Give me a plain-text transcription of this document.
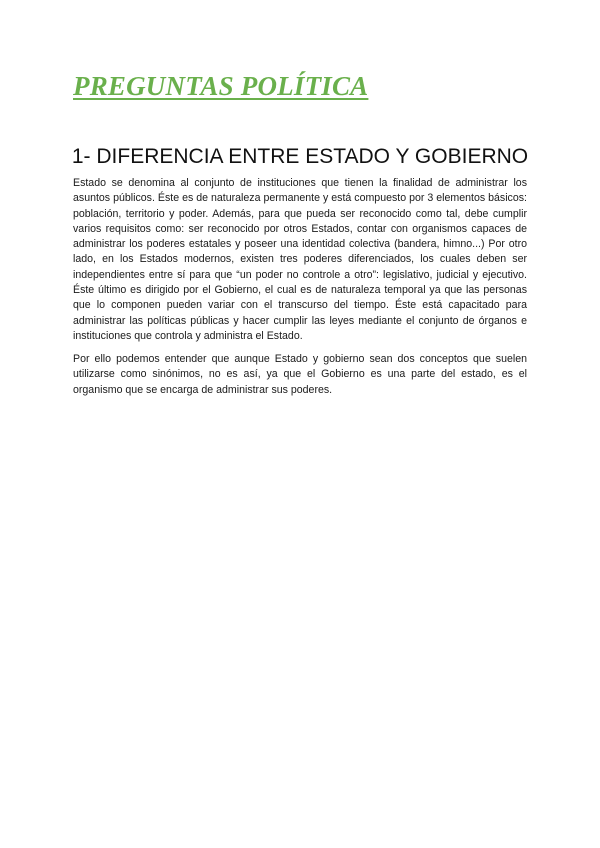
PREGUNTAS POLÍTICA
1- DIFERENCIA ENTRE ESTADO Y GOBIERNO

Estado se denomina al conjunto de instituciones que tienen la finalidad de administrar los asuntos públicos. Éste es de naturaleza permanente y está compuesto por 3 elementos básicos: población, territorio y poder. Además, para que pueda ser reconocido como tal, debe cumplir varios requisitos como: ser reconocido por otros Estados, contar con organismos capaces de administrar los poderes estatales y poseer una identidad colectiva (bandera, himno...) Por otro lado, en los Estados modernos, existen tres poderes diferenciados, los cuales deben ser independientes entre sí para que “un poder no controle a otro”: legislativo, judicial y ejecutivo. Éste último es dirigido por el Gobierno, el cual es de naturaleza temporal ya que las personas que lo componen pueden variar con el transcurso del tiempo. Éste está capacitado para administrar las políticas públicas y hacer cumplir las leyes mediante el conjunto de órganos e instituciones que controla y administra el Estado.

Por ello podemos entender que aunque Estado y gobierno sean dos conceptos que suelen utilizarse como sinónimos, no es así, ya que el Gobierno es una parte del estado, es el organismo que se encarga de administrar sus poderes.
